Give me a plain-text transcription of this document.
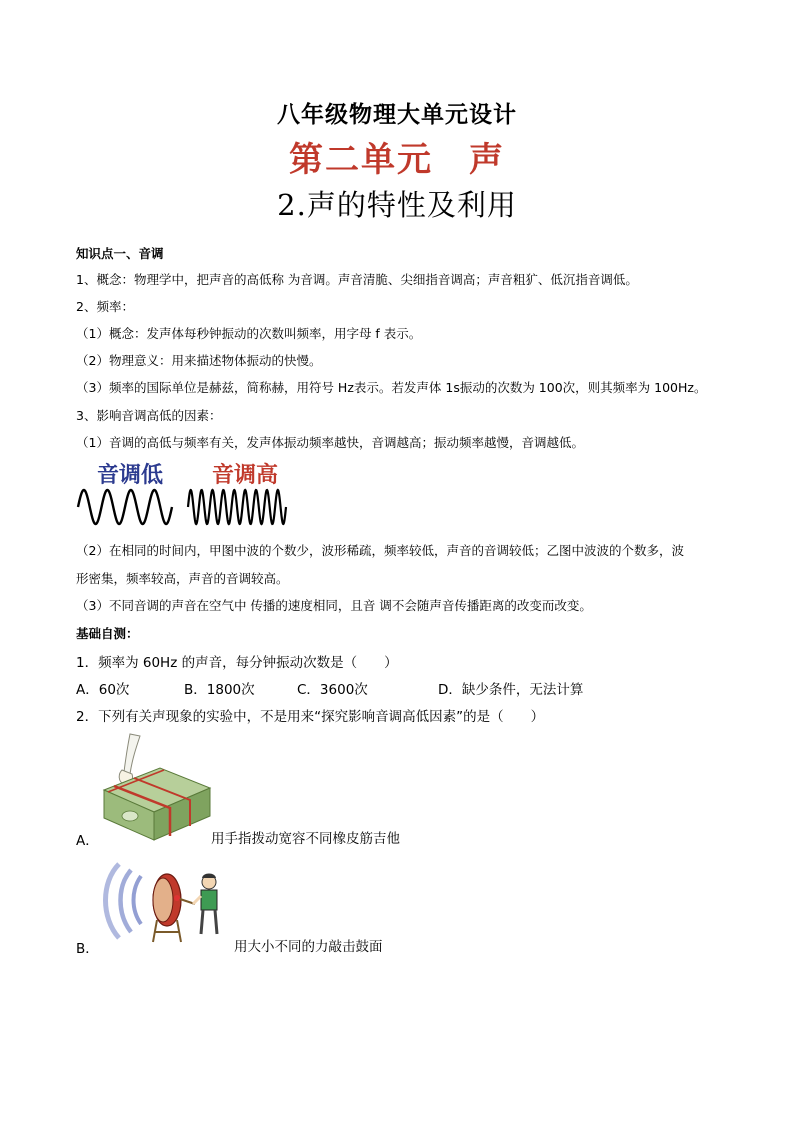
八年级物理大单元设计
第二单元　声
2.声的特性及利用
知识点一、音调
1、概念：物理学中，把声音的高低称 为音调。声音清脆、尖细指音调高；声音粗犷、低沉指音调低。
2、频率：
（1）概念：发声体每秒钟振动的次数叫频率，用字母 f 表示。
（2）物理意义：用来描述物体振动的快慢。
（3）频率的国际单位是赫兹，简称赫，用符号 Hz表示。若发声体 1s振动的次数为 100次，则其频率为 100Hz。
3、影响音调高低的因素：
（1）音调的高低与频率有关，发声体振动频率越快，音调越高；振动频率越慢，音调越低。
音调低 音调高
（2）在相同的时间内，甲图中波的个数少，波形稀疏，频率较低，声音的音调较低；乙图中波波的个数多，波
形密集，频率较高，声音的音调较高。
（3）不同音调的声音在空气中 传播的速度相同，且音 调不会随声音传播距离的改变而改变。
基础自测：
1．频率为 60Hz 的声音，每分钟振动次数是（　　）
A．60次	B．1800次	C．3600次	D．缺少条件，无法计算
2．下列有关声现象的实验中，不是用来“探究影响音调高低因素”的是（　　）
A．	用手指拨动宽容不同橡皮筋吉他
B．	用大小不同的力敲击鼓面
